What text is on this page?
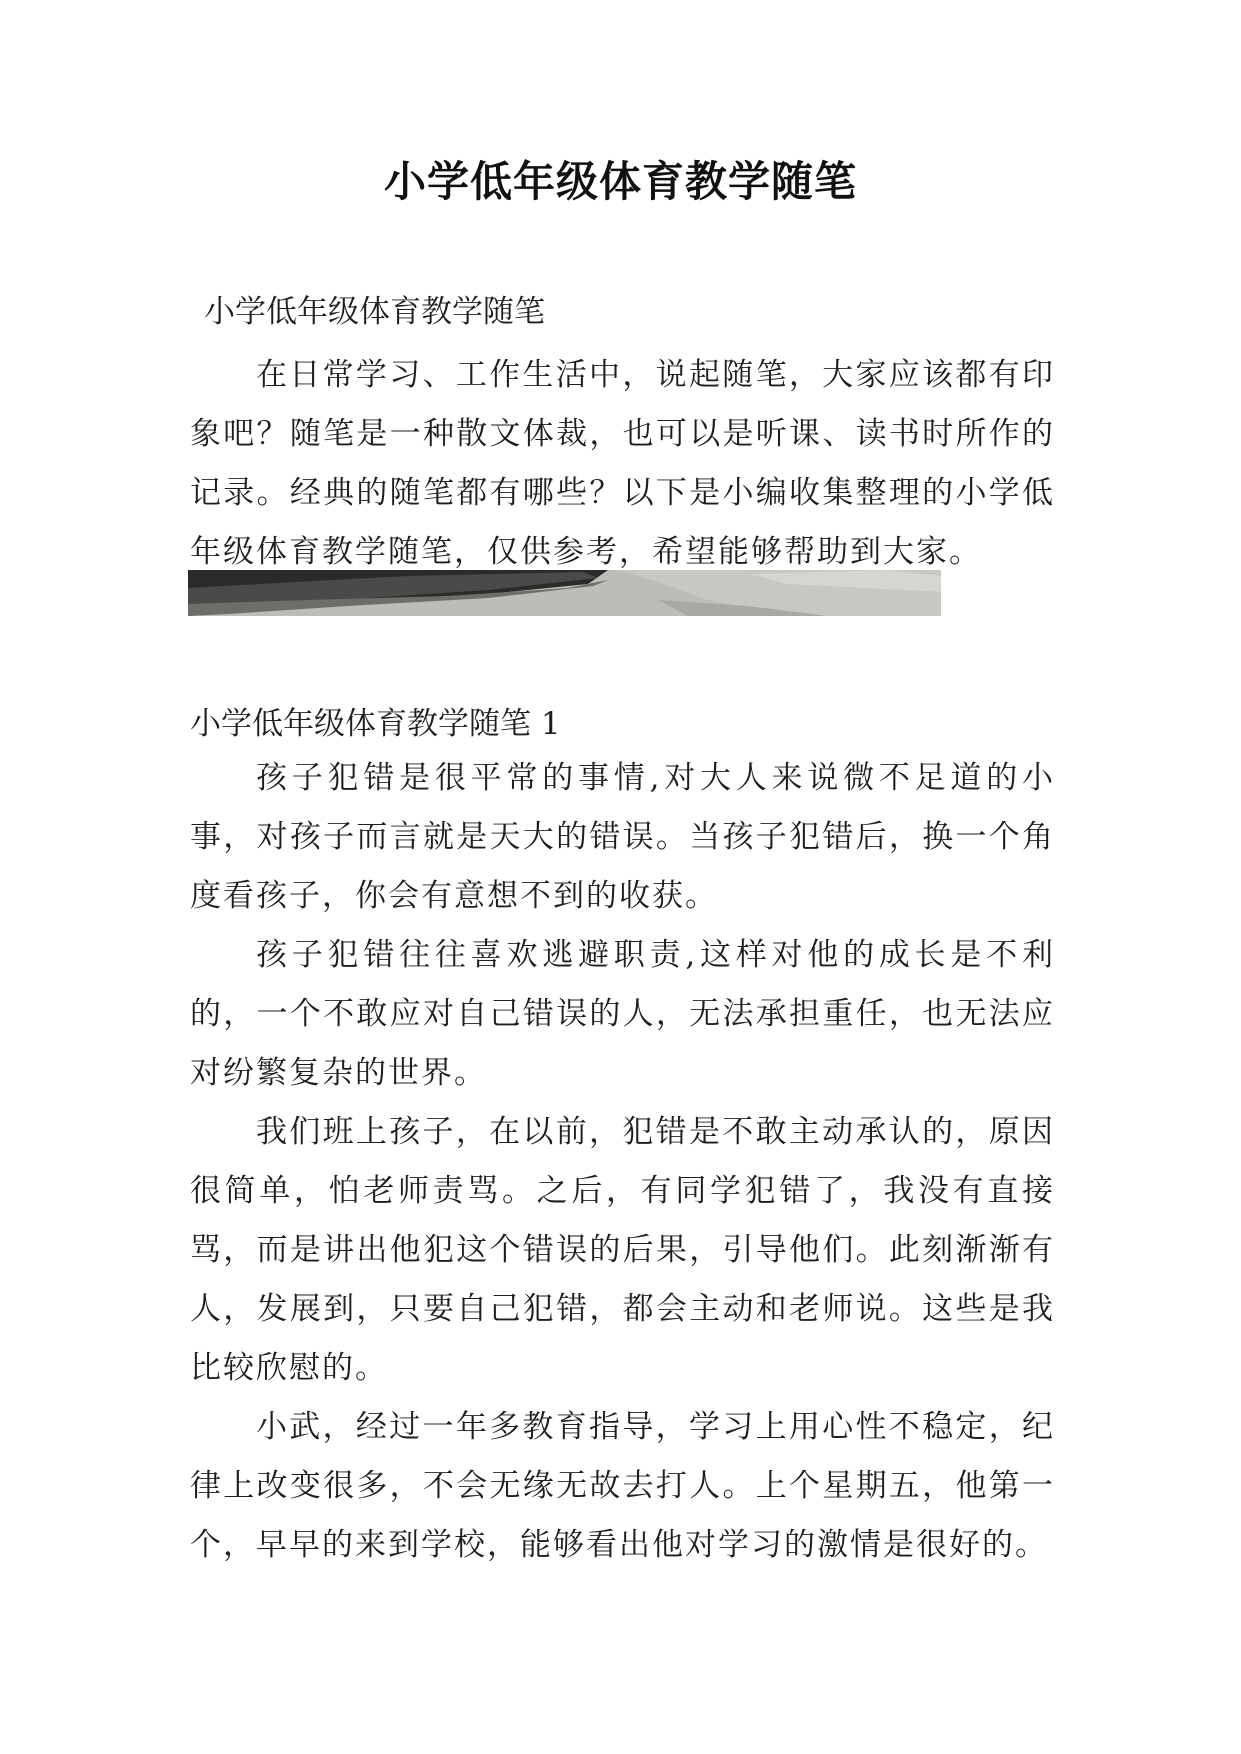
小学低年级体育教学随笔
小学低年级体育教学随笔

在日常学习、工作生活中，说起随笔，大家应该都有印象吧？随笔是一种散文体裁，也可以是听课、读书时所作的记录。经典的随笔都有哪些？以下是小编收集整理的小学低年级体育教学随笔，仅供参考，希望能够帮助到大家。

小学低年级体育教学随笔 1

孩子犯错是很平常的事情,对大人来说微不足道的小事，对孩子而言就是天大的错误。当孩子犯错后，换一个角度看孩子，你会有意想不到的收获。

孩子犯错往往喜欢逃避职责,这样对他的成长是不利的，一个不敢应对自己错误的人，无法承担重任，也无法应对纷繁复杂的世界。

我们班上孩子，在以前，犯错是不敢主动承认的，原因很简单，怕老师责骂。之后，有同学犯错了，我没有直接骂，而是讲出他犯这个错误的后果，引导他们。此刻渐渐有人，发展到，只要自己犯错，都会主动和老师说。这些是我比较欣慰的。

小武，经过一年多教育指导，学习上用心性不稳定，纪律上改变很多，不会无缘无故去打人。上个星期五，他第一个，早早的来到学校，能够看出他对学习的激情是很好的。
